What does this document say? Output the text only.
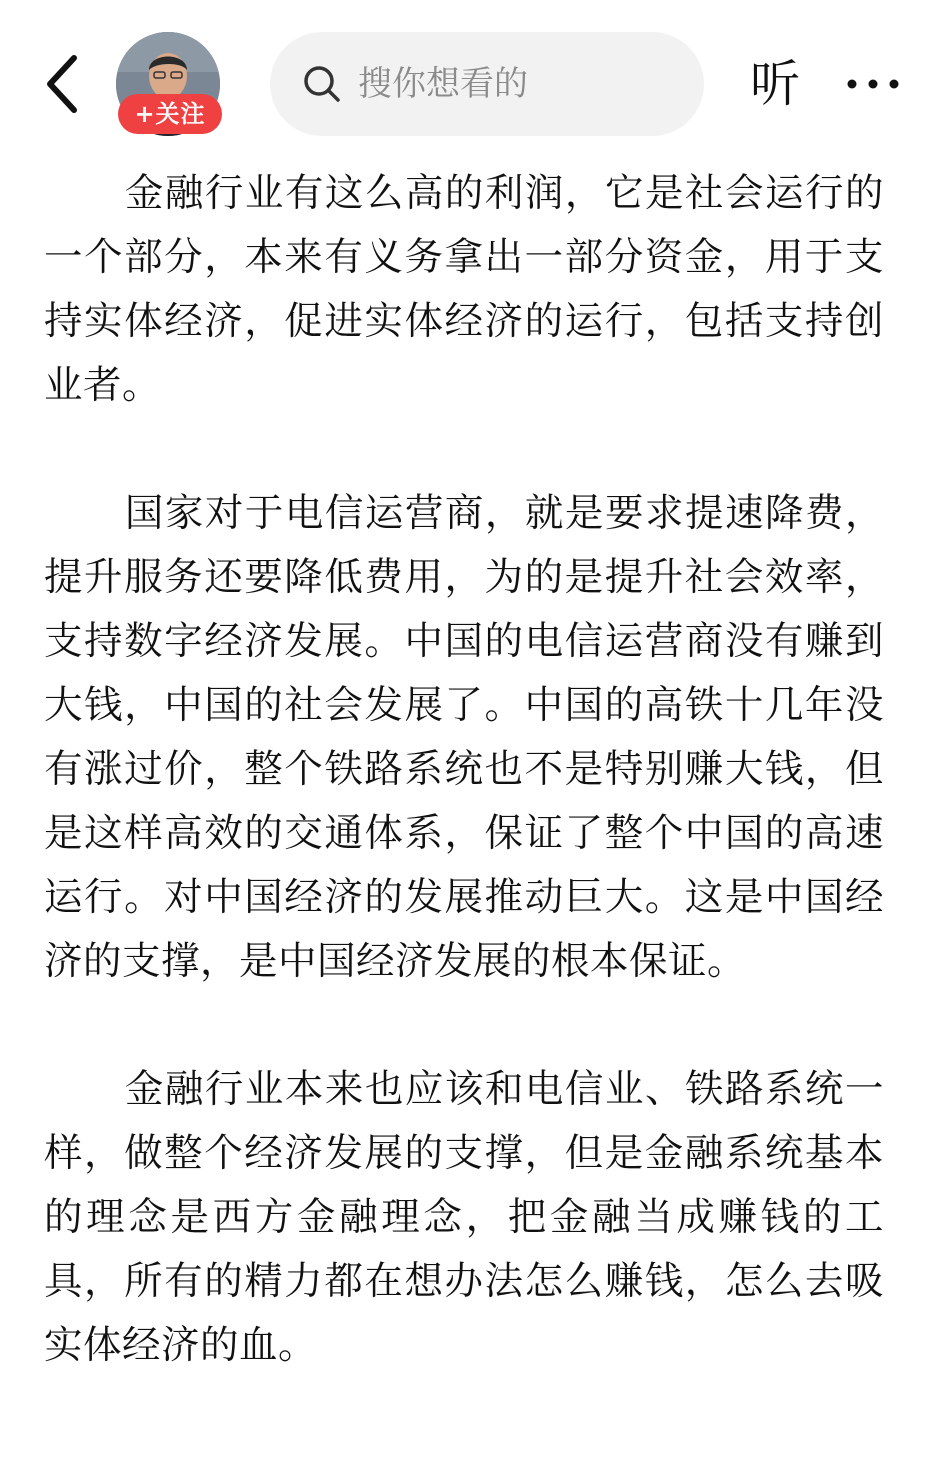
+关注
搜你想看的	听

金融行业有这么高的利润，它是社会运行的一个部分，本来有义务拿出一部分资金，用于支持实体经济，促进实体经济的运行，包括支持创业者。

国家对于电信运营商，就是要求提速降费，提升服务还要降低费用，为的是提升社会效率，支持数字经济发展。中国的电信运营商没有赚到大钱，中国的社会发展了。中国的高铁十几年没有涨过价，整个铁路系统也不是特别赚大钱，但是这样高效的交通体系，保证了整个中国的高速运行。对中国经济的发展推动巨大。这是中国经济的支撑，是中国经济发展的根本保证。

金融行业本来也应该和电信业、铁路系统一样，做整个经济发展的支撑，但是金融系统基本的理念是西方金融理念，把金融当成赚钱的工具，所有的精力都在想办法怎么赚钱，怎么去吸实体经济的血。
